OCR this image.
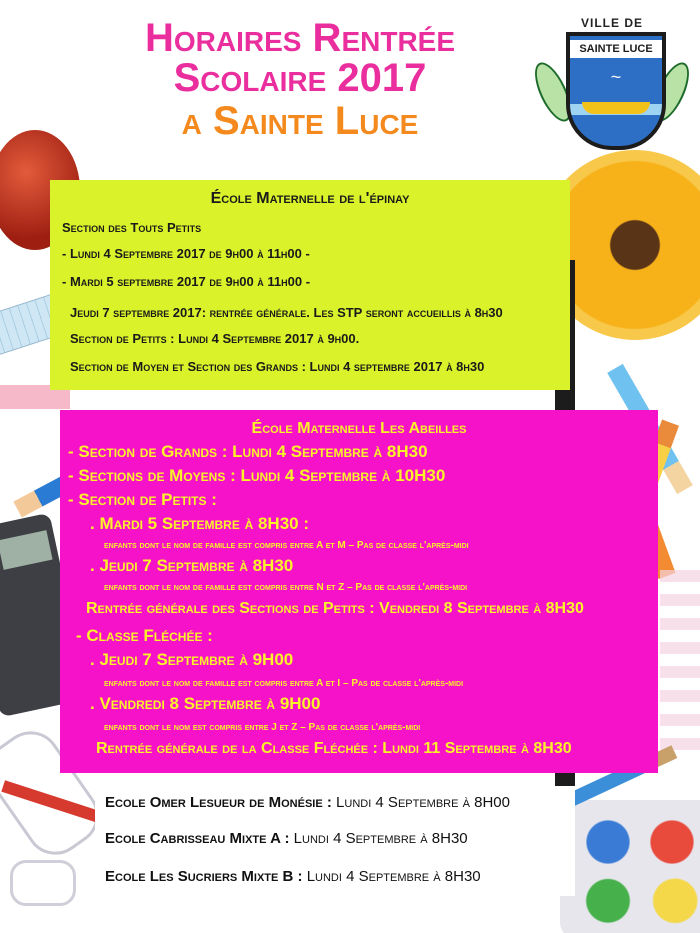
Horaires Rentrée
Scolaire 2017
a Sainte Luce
VILLE DE
SAINTE LUCE
~
École Maternelle de l'épinay
Section des Touts Petits
- Lundi 4 Septembre 2017 de 9h00 à 11h00 -
- Mardi 5 septembre 2017 de 9h00 à 11h00 -
Jeudi 7 septembre 2017: rentrée générale. Les STP seront accueillis à 8h30
Section de Petits : Lundi 4 Septembre 2017 à 9h00.
Section de Moyen et Section des Grands : Lundi 4 septembre 2017 à 8h30
École Maternelle Les Abeilles
- Section de Grands : Lundi 4 Septembre à 8H30
- Sections de Moyens : Lundi 4 Septembre à 10H30
- Section de Petits :
. Mardi 5 Septembre à 8H30 :
enfants dont le nom de famille est compris entre A et M – Pas de classe l'après-midi
. Jeudi 7 Septembre à 8H30
enfants dont le nom de famille est compris entre N et Z – Pas de classe l'après-midi
Rentrée générale des Sections de Petits : Vendredi 8 Septembre à 8H30
- Classe Fléchée :
. Jeudi 7 Septembre à 9H00
enfants dont le nom de famille est compris entre A et I – Pas de classe l'après-midi
. Vendredi 8 Septembre à 9H00
enfants dont le nom est compris entre J et Z – Pas de classe l'après-midi
Rentrée générale de la Classe Fléchée : Lundi 11 Septembre à 8H30
Ecole Omer Lesueur de Monésie : Lundi 4 Septembre à 8H00
Ecole Cabrisseau Mixte A : Lundi 4 Septembre à 8H30
Ecole Les Sucriers Mixte B : Lundi 4 Septembre à 8H30
